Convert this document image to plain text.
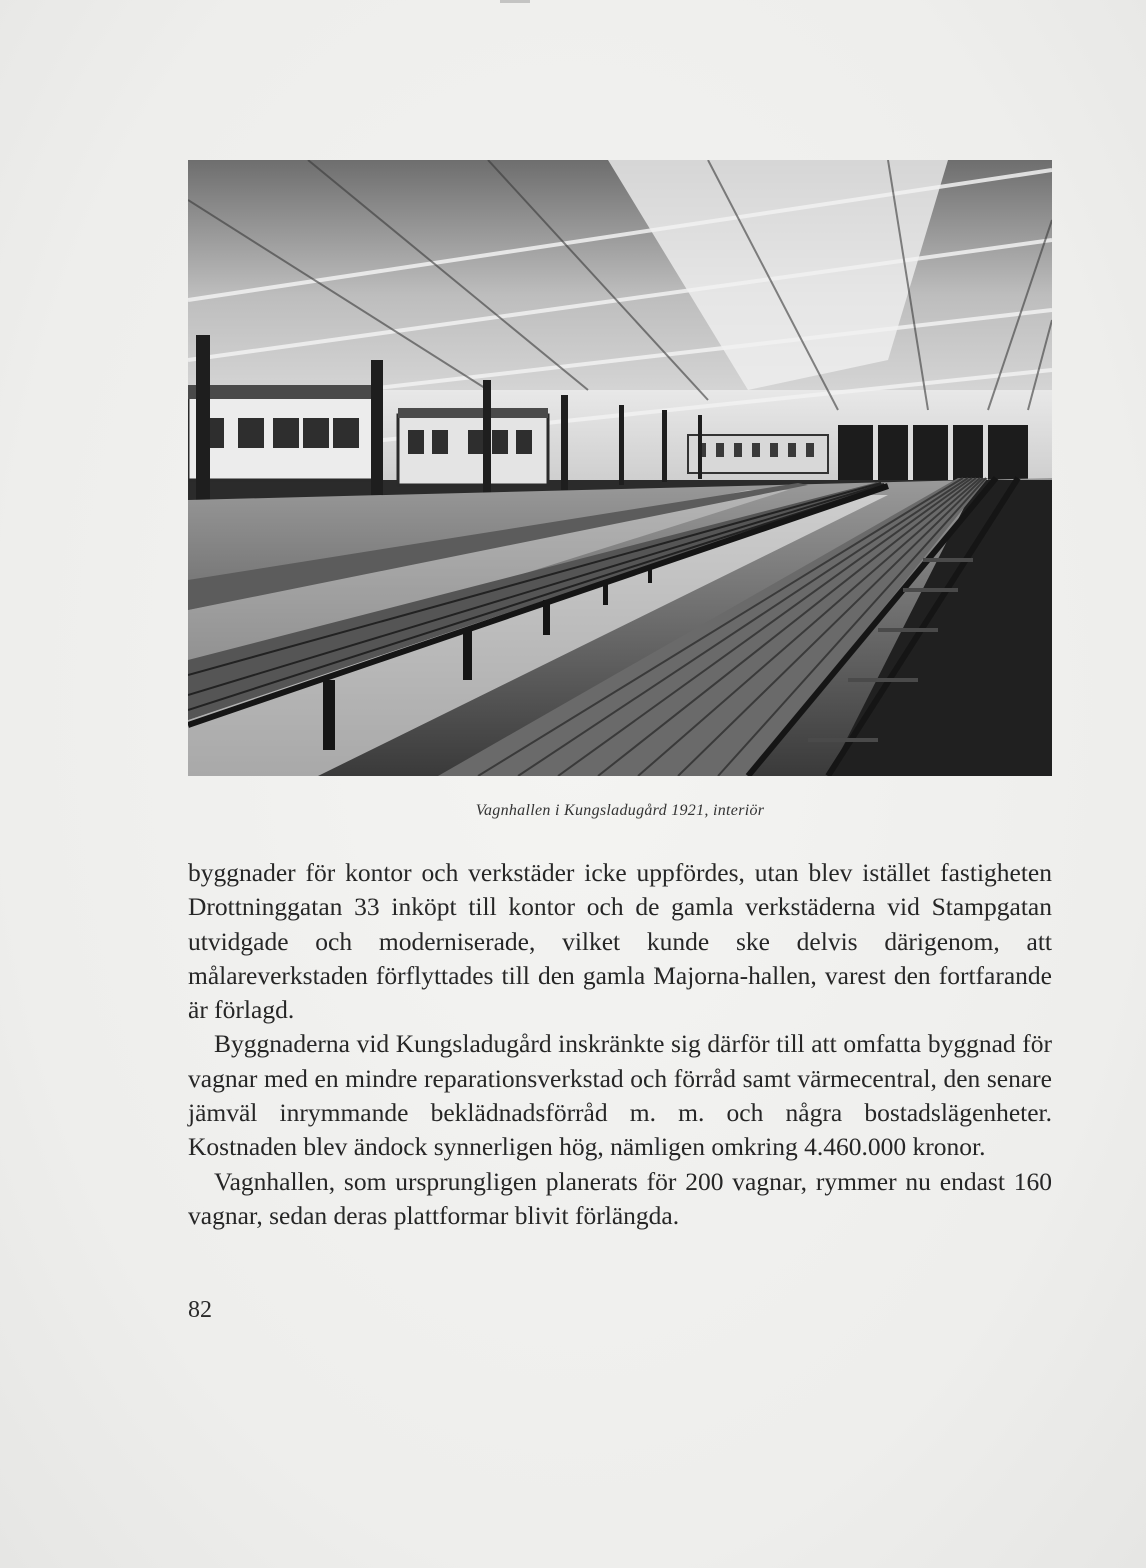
Vagnhallen i Kungsladugård 1921, interiör

byggnader för kontor och verkstäder icke uppfördes, utan blev istället fastigheten Drottninggatan 33 inköpt till kontor och de gamla verkstäderna vid Stampgatan utvidgade och moderniserade, vilket kunde ske delvis därigenom, att målareverkstaden förflyttades till den gamla Majorna-hallen, varest den fortfarande är förlagd.

Byggnaderna vid Kungsladugård inskränkte sig därför till att omfatta byggnad för vagnar med en mindre reparationsverkstad och förråd samt värmecentral, den senare jämväl inrymmande beklädnadsförråd m. m. och några bostadslägenheter. Kostnaden blev ändock synnerligen hög, nämligen omkring 4.460.000 kronor.

Vagnhallen, som ursprungligen planerats för 200 vagnar, rymmer nu endast 160 vagnar, sedan deras plattformar blivit förlängda.

82
